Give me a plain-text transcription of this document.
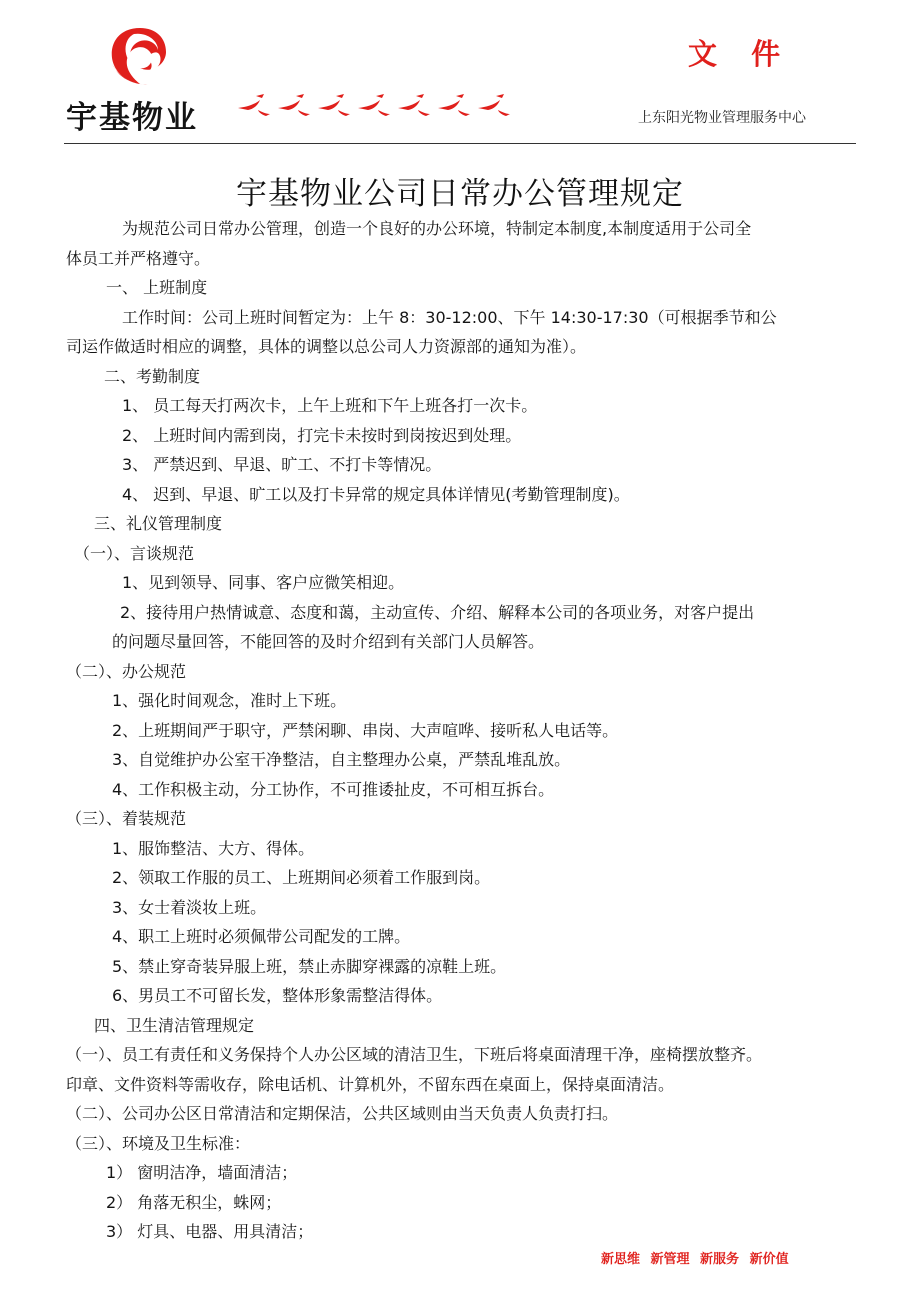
宇基物业
文 件
上东阳光物业管理服务中心
宇基物业公司日常办公管理规定
为规范公司日常办公管理，创造一个良好的办公环境，特制定本制度,本制度适用于公司全
体员工并严格遵守。
一、 上班制度
工作时间：公司上班时间暂定为：上午 8：30-12:00、下午 14:30-17:30（可根据季节和公
司运作做适时相应的调整，具体的调整以总公司人力资源部的通知为准）。
二、考勤制度
1、 员工每天打两次卡，上午上班和下午上班各打一次卡。
2、 上班时间内需到岗，打完卡未按时到岗按迟到处理。
3、 严禁迟到、早退、旷工、不打卡等情况。
4、 迟到、早退、旷工以及打卡异常的规定具体详情见(考勤管理制度)。
三、礼仪管理制度
（一）、言谈规范
1、见到领导、同事、客户应微笑相迎。
2、接待用户热情诚意、态度和蔼，主动宣传、介绍、解释本公司的各项业务，对客户提出
的问题尽量回答，不能回答的及时介绍到有关部门人员解答。
（二）、办公规范
1、强化时间观念，准时上下班。
2、上班期间严于职守，严禁闲聊、串岗、大声喧哗、接听私人电话等。
3、自觉维护办公室干净整洁，自主整理办公桌，严禁乱堆乱放。
4、工作积极主动，分工协作，不可推诿扯皮，不可相互拆台。
（三）、着装规范
1、服饰整洁、大方、得体。
2、领取工作服的员工、上班期间必须着工作服到岗。
3、女士着淡妆上班。
4、职工上班时必须佩带公司配发的工牌。
5、禁止穿奇装异服上班，禁止赤脚穿裸露的凉鞋上班。
6、男员工不可留长发，整体形象需整洁得体。
四、卫生清洁管理规定
（一）、员工有责任和义务保持个人办公区域的清洁卫生，下班后将桌面清理干净，座椅摆放整齐。
印章、文件资料等需收存，除电话机、计算机外，不留东西在桌面上，保持桌面清洁。
（二）、公司办公区日常清洁和定期保洁，公共区域则由当天负责人负责打扫。
（三）、环境及卫生标准：
1） 窗明洁净，墙面清洁；
2） 角落无积尘，蛛网；
3） 灯具、电器、用具清洁；
新思维 新管理 新服务 新价值
